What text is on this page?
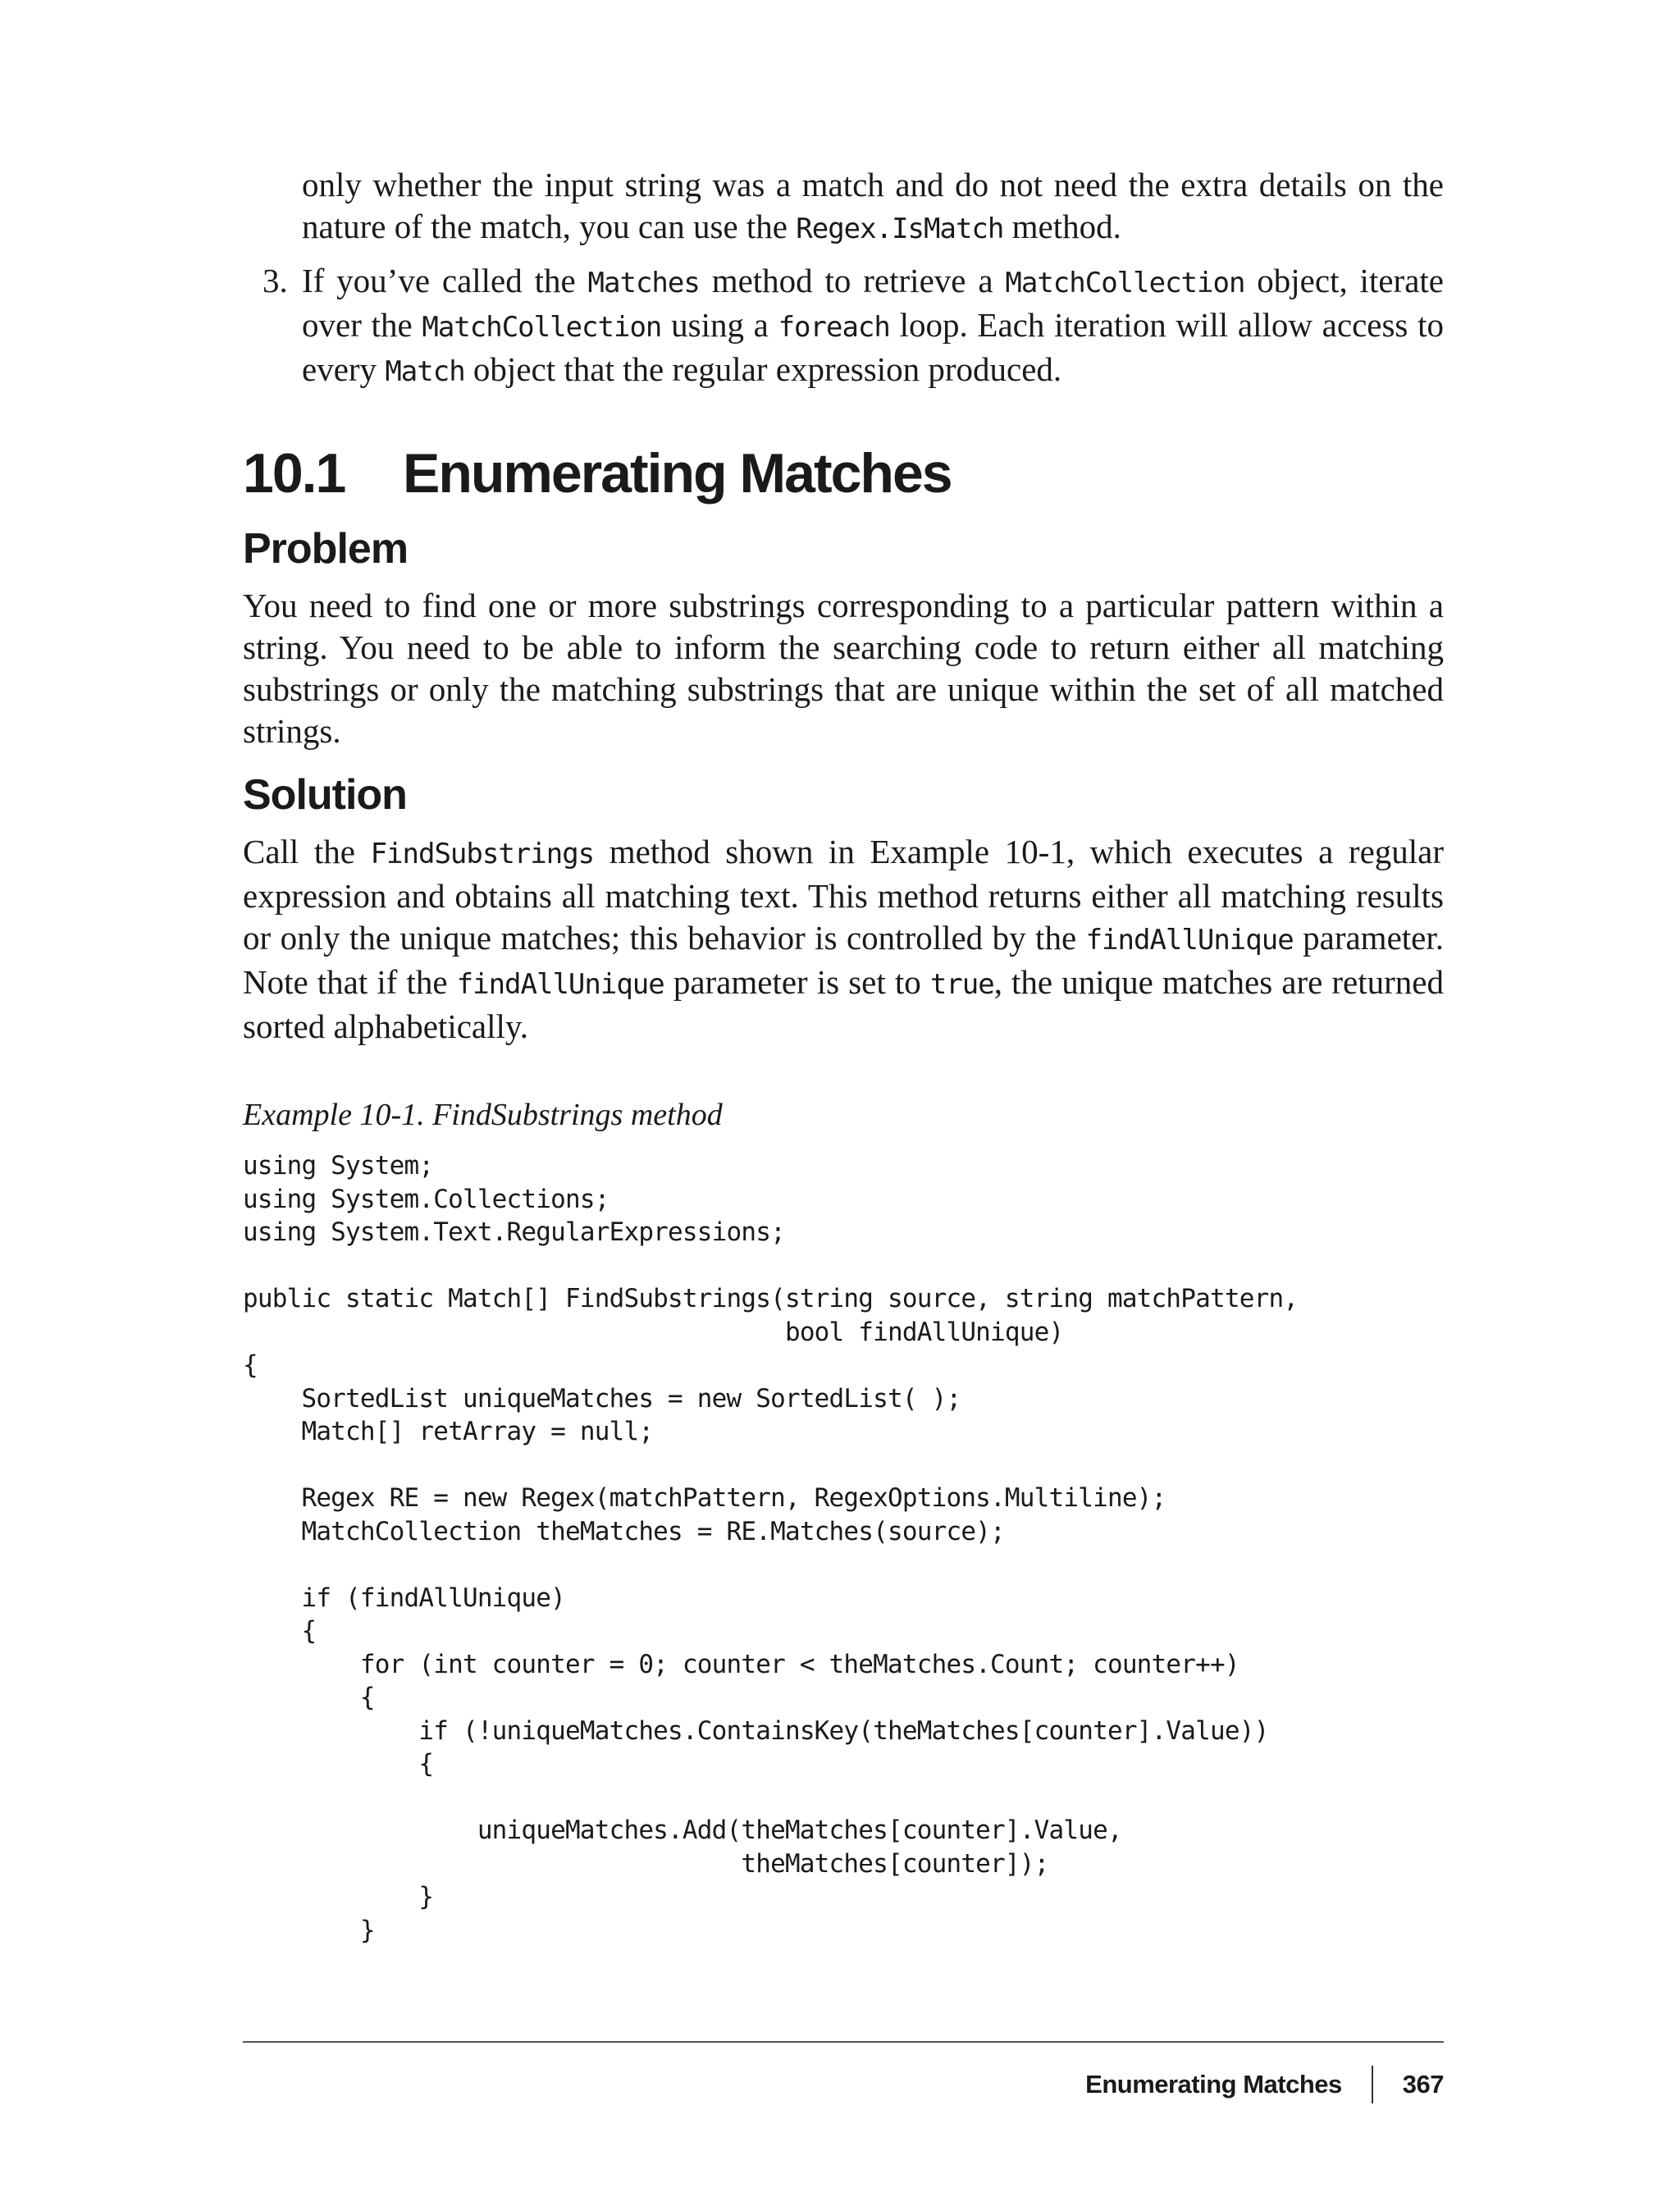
only whether the input string was a match and do not need the extra details on the nature of the match, you can use the Regex.IsMatch method.

3. If you’ve called the Matches method to retrieve a MatchCollection object, iterate over the MatchCollection using a foreach loop. Each iteration will allow access to every Match object that the regular expression produced.
10.1 Enumerating Matches
Problem

You need to find one or more substrings corresponding to a particular pattern within a string. You need to be able to inform the searching code to return either all matching substrings or only the matching substrings that are unique within the set of all matched strings.

Solution

Call the FindSubstrings method shown in Example 10-1, which executes a regular expression and obtains all matching text. This method returns either all matching results or only the unique matches; this behavior is controlled by the findAllUnique parameter. Note that if the findAllUnique parameter is set to true, the unique matches are returned sorted alphabetically.

Example 10-1. FindSubstrings method
using System;
using System.Collections;
using System.Text.RegularExpressions;

public static Match[] FindSubstrings(string source, string matchPattern,
bool findAllUnique)
{
SortedList uniqueMatches = new SortedList( );
Match[] retArray = null;

Regex RE = new Regex(matchPattern, RegexOptions.Multiline);
MatchCollection theMatches = RE.Matches(source);

if (findAllUnique)
{
for (int counter = 0; counter < theMatches.Count; counter++)
{
if (!uniqueMatches.ContainsKey(theMatches[counter].Value))
{

uniqueMatches.Add(theMatches[counter].Value,
theMatches[counter]);
}
}
Enumerating Matches 367
